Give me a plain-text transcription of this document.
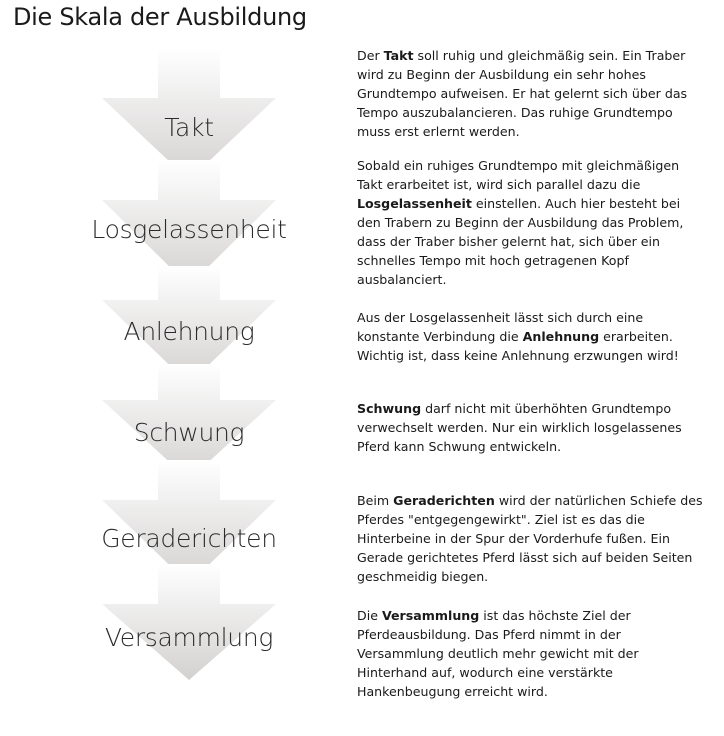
Die Skala der Ausbildung
Takt
Losgelassenheit
Anlehnung
Schwung
Geraderichten
Versammlung
Der Takt soll ruhig und gleichmäßig sein. Ein Traber wird zu Beginn der Ausbildung ein sehr hohes Grundtempo aufweisen. Er hat gelernt sich über das Tempo auszubalancieren. Das ruhige Grundtempo muss erst erlernt werden.
Sobald ein ruhiges Grundtempo mit gleichmäßigen Takt erarbeitet ist, wird sich parallel dazu die Losgelassenheit einstellen. Auch hier besteht bei den Trabern zu Beginn der Ausbildung das Problem, dass der Traber bisher gelernt hat, sich über ein schnelles Tempo mit hoch getragenen Kopf ausbalanciert.
Aus der Losgelassenheit lässt sich durch eine konstante Verbindung die Anlehnung erarbeiten. Wichtig ist, dass keine Anlehnung erzwungen wird!
Schwung darf nicht mit überhöhten Grundtempo verwechselt werden. Nur ein wirklich losgelassenes Pferd kann Schwung entwickeln.
Beim Geraderichten wird der natürlichen Schiefe des Pferdes "entgegengewirkt". Ziel ist es das die Hinterbeine in der Spur der Vorderhufe fußen. Ein Gerade gerichtetes Pferd lässt sich auf beiden Seiten geschmeidig biegen.
Die Versammlung ist das höchste Ziel der Pferdeausbildung. Das Pferd nimmt in der Versammlung deutlich mehr gewicht mit der Hinterhand auf, wodurch eine verstärkte Hankenbeugung erreicht wird.
